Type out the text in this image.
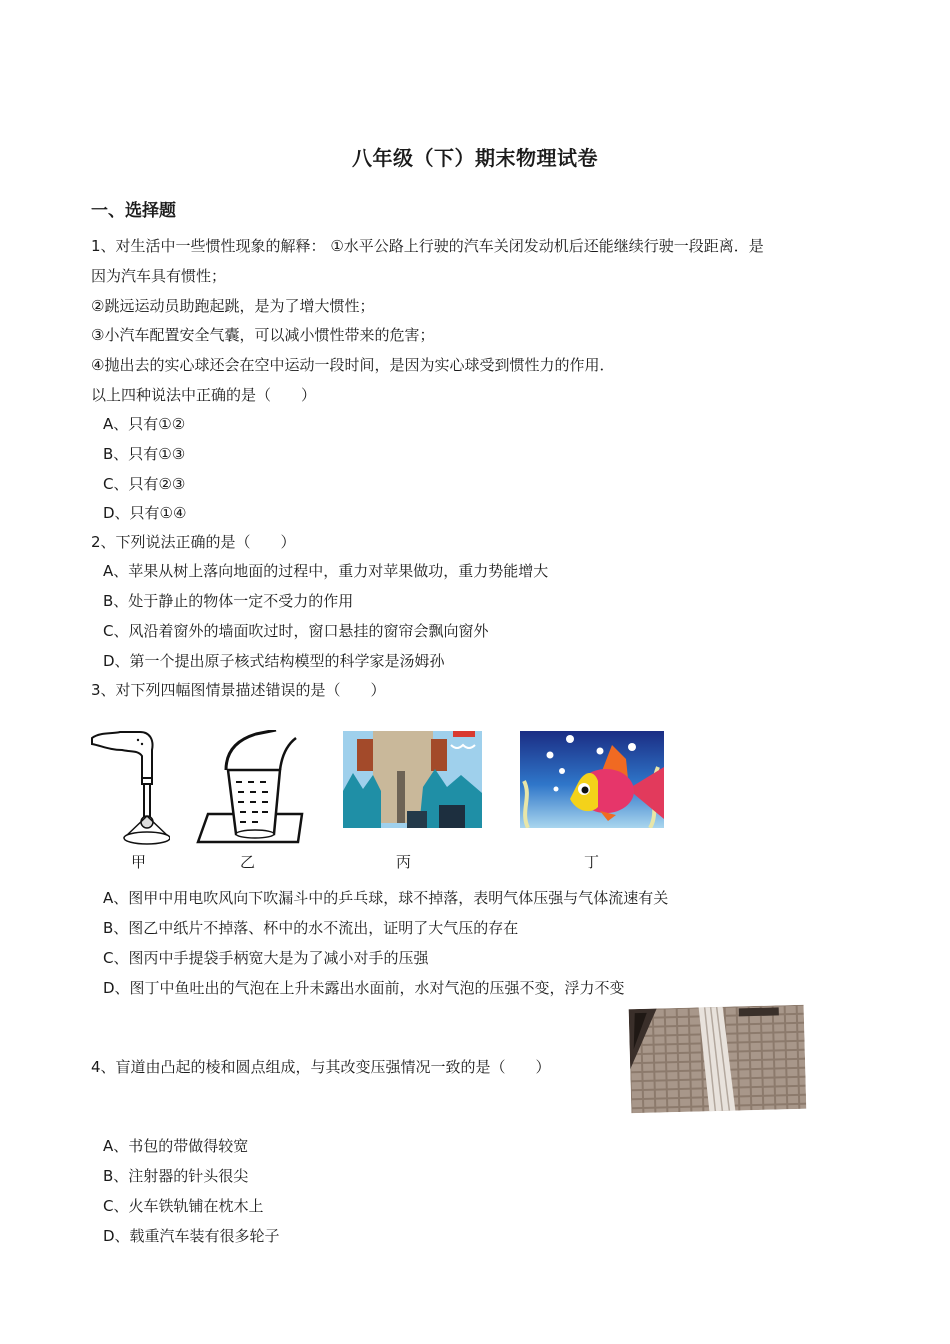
八年级（下）期末物理试卷
一、选择题
1、对生活中一些惯性现象的解释： ①水平公路上行驶的汽车关闭发动机后还能继续行驶一段距离．是
因为汽车具有惯性；
②跳远运动员助跑起跳，是为了增大惯性；
③小汽车配置安全气囊，可以减小惯性带来的危害；
④抛出去的实心球还会在空中运动一段时间，是因为实心球受到惯性力的作用．
以上四种说法中正确的是（　　）
A、只有①②
B、只有①③
C、只有②③
D、只有①④
2、下列说法正确的是（　　）
A、苹果从树上落向地面的过程中，重力对苹果做功，重力势能增大
B、处于静止的物体一定不受力的作用
C、风沿着窗外的墙面吹过时，窗口悬挂的窗帘会飘向窗外
D、第一个提出原子核式结构模型的科学家是汤姆孙
3、对下列四幅图情景描述错误的是（　　）
甲	乙	丙	丁
A、图甲中用电吹风向下吹漏斗中的乒乓球，球不掉落，表明气体压强与气体流速有关
B、图乙中纸片不掉落、杯中的水不流出，证明了大气压的存在
C、图丙中手提袋手柄宽大是为了减小对手的压强
D、图丁中鱼吐出的气泡在上升未露出水面前，水对气泡的压强不变，浮力不变
4、盲道由凸起的棱和圆点组成，与其改变压强情况一致的是（　　）
A、书包的带做得较宽
B、注射器的针头很尖
C、火车铁轨铺在枕木上
D、载重汽车装有很多轮子
